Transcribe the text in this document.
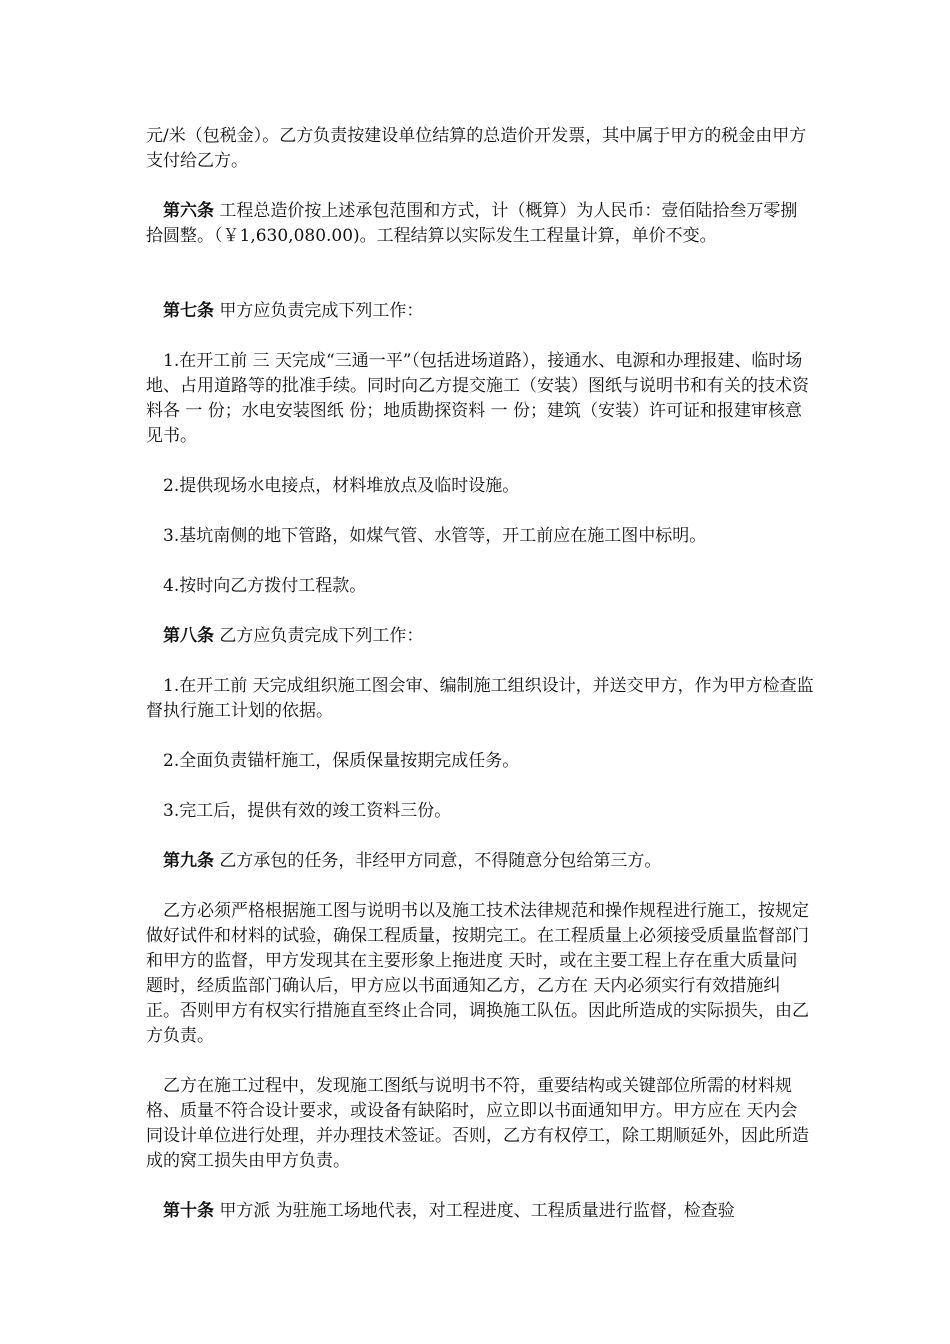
元/米（包税金）。乙方负责按建设单位结算的总造价开发票，其中属于甲方的税金由甲方支付给乙方。

第六条 工程总造价按上述承包范围和方式，计（概算）为人民币：壹佰陆拾叁万零捌拾圆整。（￥1,630,080.00)。工程结算以实际发生工程量计算，单价不变。

第七条 甲方应负责完成下列工作：

1.在开工前 三 天完成“三通一平”（包括进场道路），接通水、电源和办理报建、临时场地、占用道路等的批准手续。同时向乙方提交施工（安装）图纸与说明书和有关的技术资料各 一 份；水电安装图纸 份；地质勘探资料 一 份；建筑（安装）许可证和报建审核意见书。

2.提供现场水电接点，材料堆放点及临时设施。

3.基坑南侧的地下管路，如煤气管、水管等，开工前应在施工图中标明。

4.按时向乙方拨付工程款。

第八条 乙方应负责完成下列工作：

1.在开工前 天完成组织施工图会审、编制施工组织设计，并送交甲方，作为甲方检查监督执行施工计划的依据。

2.全面负责锚杆施工，保质保量按期完成任务。

3.完工后，提供有效的竣工资料三份。

第九条 乙方承包的任务，非经甲方同意，不得随意分包给第三方。

乙方必须严格根据施工图与说明书以及施工技术法律规范和操作规程进行施工，按规定做好试件和材料的试验，确保工程质量，按期完工。在工程质量上必须接受质量监督部门和甲方的监督，甲方发现其在主要形象上拖进度 天时，或在主要工程上存在重大质量问题时，经质监部门确认后，甲方应以书面通知乙方，乙方在 天内必须实行有效措施纠正。否则甲方有权实行措施直至终止合同，调换施工队伍。因此所造成的实际损失，由乙方负责。

乙方在施工过程中，发现施工图纸与说明书不符，重要结构或关键部位所需的材料规格、质量不符合设计要求，或设备有缺陷时，应立即以书面通知甲方。甲方应在 天内会同设计单位进行处理，并办理技术签证。否则，乙方有权停工，除工期顺延外，因此所造成的窝工损失由甲方负责。

第十条 甲方派 为驻施工场地代表，对工程进度、工程质量进行监督，检查验
